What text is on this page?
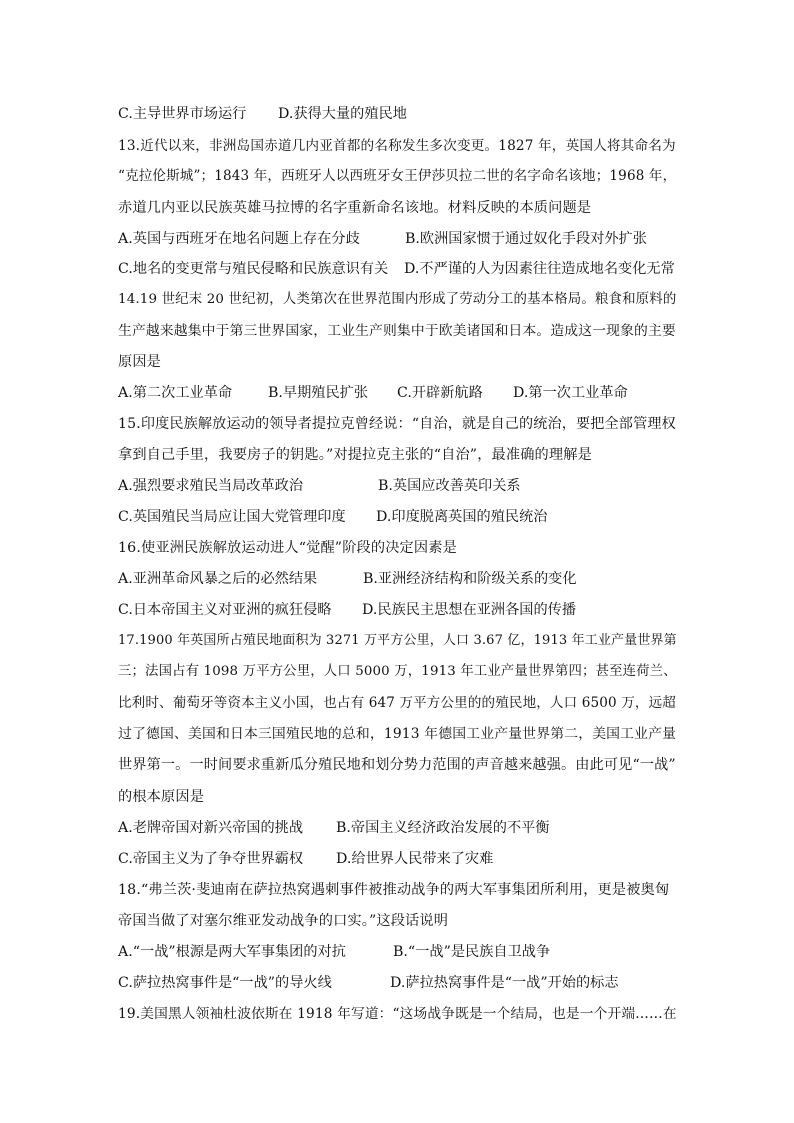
C.主导世界市场运行 D.获得大量的殖民地
13.近代以来，非洲岛国赤道几内亚首都的名称发生多次变更。1827 年，英国人将其命名为
“克拉伦斯城”；1843 年，西班牙人以西班牙女王伊莎贝拉二世的名字命名该地；1968 年，
赤道几内亚以民族英雄马拉博的名字重新命名该地。材料反映的本质问题是
A.英国与西班牙在地名问题上存在分歧	B.欧洲国家惯于通过奴化手段对外扩张
C.地名的变更常与殖民侵略和民族意识有关 D.不严谨的人为因素往往造成地名变化无常
14.19 世纪末 20 世纪初，人类第次在世界范围内形成了劳动分工的基本格局。粮食和原料的
生产越来越集中于第三世界国家，工业生产则集中于欧美诸国和日本。造成这一现象的主要
原因是
A.第二次工业革命	B.早期殖民扩张 C.开辟新航路 D.第一次工业革命
15.印度民族解放运动的领导者提拉克曾经说：“自治，就是自己的统治，要把全部管理权
拿到自己手里，我要房子的钥匙。”对提拉克主张的“自治”，最准确的理解是
A.强烈要求殖民当局改革政治	B.英国应改善英印关系
C.英国殖民当局应让国大党管理印度 D.印度脱离英国的殖民统治
16.使亚洲民族解放运动进人“觉醒”阶段的决定因素是
A.亚洲革命风暴之后的必然结果	B.亚洲经济结构和阶级关系的变化
C.日本帝国主义对亚洲的疯狂侵略 D.民族民主思想在亚洲各国的传播
17.1900 年英国所占殖民地面积为 3271 万平方公里，人口 3.67 亿，1913 年工业产量世界第
三；法国占有 1098 万平方公里，人口 5000 万，1913 年工业产量世界第四；甚至连荷兰、
比利时、葡萄牙等资本主义小国，也占有 647 万平方公里的的殖民地，人口 6500 万，远超
过了德国、美国和日本三国殖民地的总和，1913 年德国工业产量世界第二，美国工业产量
世界第一。一时间要求重新瓜分殖民地和划分势力范围的声音越来越强。由此可见“一战”
的根本原因是
A.老牌帝国对新兴帝国的挑战 B.帝国主义经济政治发展的不平衡
C.帝国主义为了争夺世界霸权 D.给世界人民带来了灾难
18.“弗兰茨·斐迪南在萨拉热窝遇刺事件被推动战争的两大军事集团所利用，更是被奥匈
帝国当做了对塞尔维亚发动战争的口实。”这段话说明
A.“一战”根源是两大军事集团的对抗	B.“一战”是民族自卫战争
C.萨拉热窝事件是“一战”的导火线	D.萨拉热窝事件是“一战”开始的标志
19.美国黑人领袖杜波依斯在 1918 年写道：“这场战争既是一个结局，也是一个开端……在
